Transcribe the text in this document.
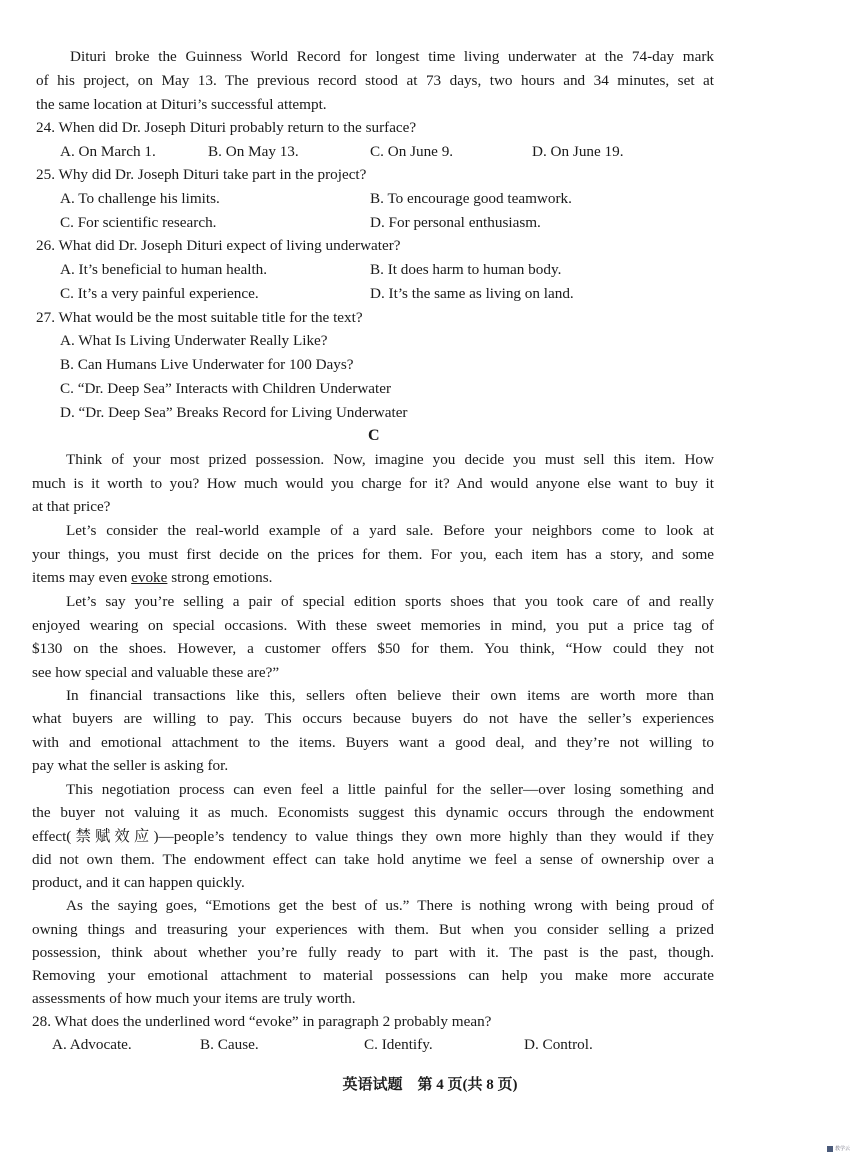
Dituri broke the Guinness World Record for longest time living underwater at the 74-day mark
of his project, on May 13. The previous record stood at 73 days, two hours and 34 minutes, set at
the same location at Dituri’s successful attempt.
24. When did Dr. Joseph Dituri probably return to the surface?
A. On March 1.	B. On May 13.	C. On June 9.	D. On June 19.
25. Why did Dr. Joseph Dituri take part in the project?
A. To challenge his limits.	B. To encourage good teamwork.
C. For scientific research.	D. For personal enthusiasm.
26. What did Dr. Joseph Dituri expect of living underwater?
A. It’s beneficial to human health.	B. It does harm to human body.
C. It’s a very painful experience.	D. It’s the same as living on land.
27. What would be the most suitable title for the text?
A. What Is Living Underwater Really Like?
B. Can Humans Live Underwater for 100 Days?
C. “Dr. Deep Sea” Interacts with Children Underwater
D. “Dr. Deep Sea” Breaks Record for Living Underwater
C
Think of your most prized possession. Now, imagine you decide you must sell this item. How
much is it worth to you? How much would you charge for it? And would anyone else want to buy it
at that price?
Let’s consider the real-world example of a yard sale. Before your neighbors come to look at
your things, you must first decide on the prices for them. For you, each item has a story, and some
items may even evoke strong emotions.
Let’s say you’re selling a pair of special edition sports shoes that you took care of and really
enjoyed wearing on special occasions. With these sweet memories in mind, you put a price tag of
$130 on the shoes. However, a customer offers $50 for them. You think, “How could they not
see how special and valuable these are?”
In financial transactions like this, sellers often believe their own items are worth more than
what buyers are willing to pay. This occurs because buyers do not have the seller’s experiences
with and emotional attachment to the items. Buyers want a good deal, and they’re not willing to
pay what the seller is asking for.
This negotiation process can even feel a little painful for the seller—over losing something and
the buyer not valuing it as much. Economists suggest this dynamic occurs through the endowment
effect(禁赋效应)—people’s tendency to value things they own more highly than they would if they
did not own them. The endowment effect can take hold anytime we feel a sense of ownership over a
product, and it can happen quickly.
As the saying goes, “Emotions get the best of us.” There is nothing wrong with being proud of
owning things and treasuring your experiences with them. But when you consider selling a prized
possession, think about whether you’re fully ready to part with it. The past is the past, though.
Removing your emotional attachment to material possessions can help you make more accurate
assessments of how much your items are truly worth.
28. What does the underlined word “evoke” in paragraph 2 probably mean?
A. Advocate.	B. Cause.	C. Identify.	D. Control.
英语试题　第 4 页(共 8 页)
教学云
